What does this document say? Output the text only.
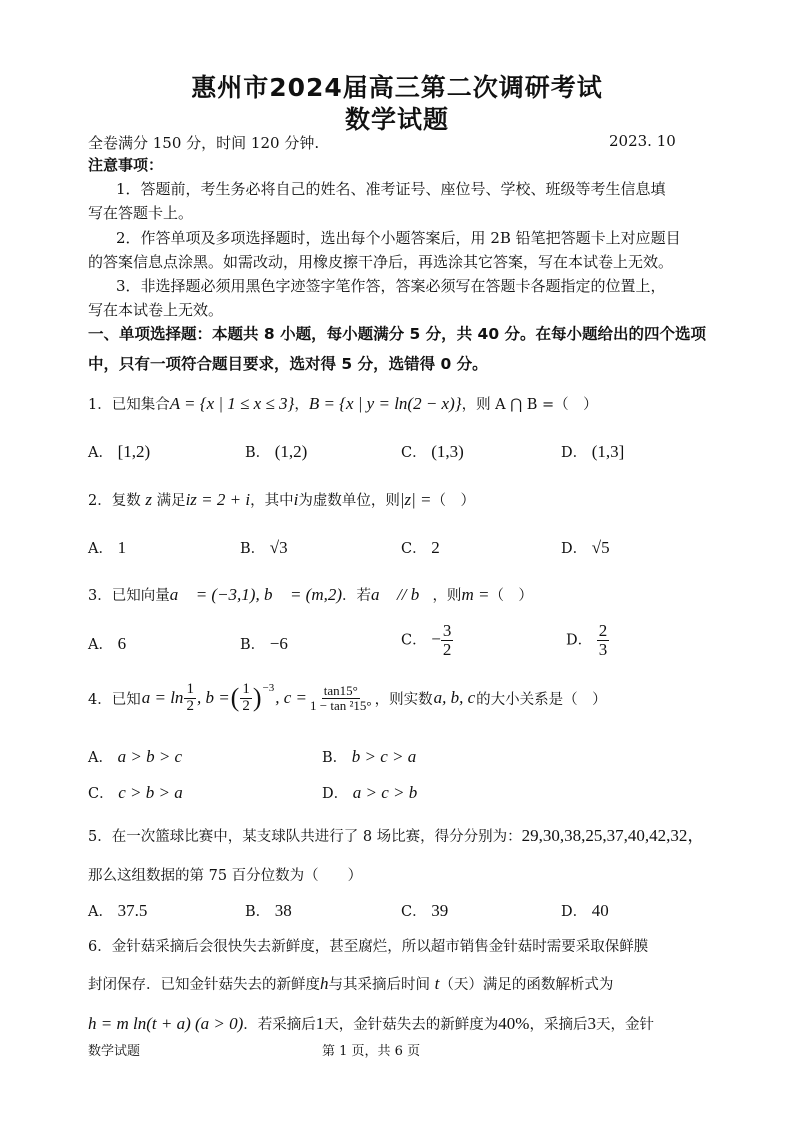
惠州市2024届高三第二次调研考试
数学试题
全卷满分 150 分，时间 120 分钟.	2023. 10
注意事项：
1．答题前，考生务必将自己的姓名、准考证号、座位号、学校、班级等考生信息填
写在答题卡上。
2．作答单项及多项选择题时，选出每个小题答案后，用 2B 铅笔把答题卡上对应题目
的答案信息点涂黑。如需改动，用橡皮擦干净后，再选涂其它答案，写在本试卷上无效。
3．非选择题必须用黑色字迹签字笔作答，答案必须写在答题卡各题指定的位置上，
写在本试卷上无效。
一、单项选择题：本题共 8 小题，每小题满分 5 分，共 40 分。在每小题给出的四个选项
中，只有一项符合题目要求，选对得 5 分，选错得 0 分。
1．已知集合A = {x | 1 ≤ x ≤ 3}，B = {x | y = ln(2 − x)}，则 A ⋂ B =（　）
A． [1,2)	B． (1,2)	C． (1,3)	D． (1,3]
2．复数 z 满足iz = 2 + i，其中i为虚数单位，则|z| =（　）
A． 1	B． √3	C． 2	D． √5
3．已知向量a⃗ = (−3,1), b⃗ = (m,2)．若a⃗ // b⃗，则m =（　）
A． 6	B． −6	C． − $\frac{3}{2}$	D． $\frac{2}{3}$
4．已知 $a = \ln \frac{1}{2}$ , b = ( $\frac{1}{2} )^{-3}$
, $c = \frac{\tan 15^\circ}{\text{1 − tan ²15°}}$ ，则实数 a, b, c 的大小关系是（　）
A． a > b > c	B． b > c > a
C． c > b > a	D． a > c > b
5．在一次篮球比赛中，某支球队共进行了 8 场比赛，得分分别为：29,30,38,25,37,40,42,32，
那么这组数据的第 75 百分位数为（　　）
A． 37.5	B． 38	C． 39	D． 40
6．金针菇采摘后会很快失去新鲜度，甚至腐烂，所以超市销售金针菇时需要采取保鲜膜
封闭保存．已知金针菇失去的新鲜度h与其采摘后时间 t（天）满足的函数解析式为
h = m ln(t + a) (a > 0)．若采摘后1天，金针菇失去的新鲜度为40%，采摘后3天，金针
数学试题	第 1 页，共 6 页
